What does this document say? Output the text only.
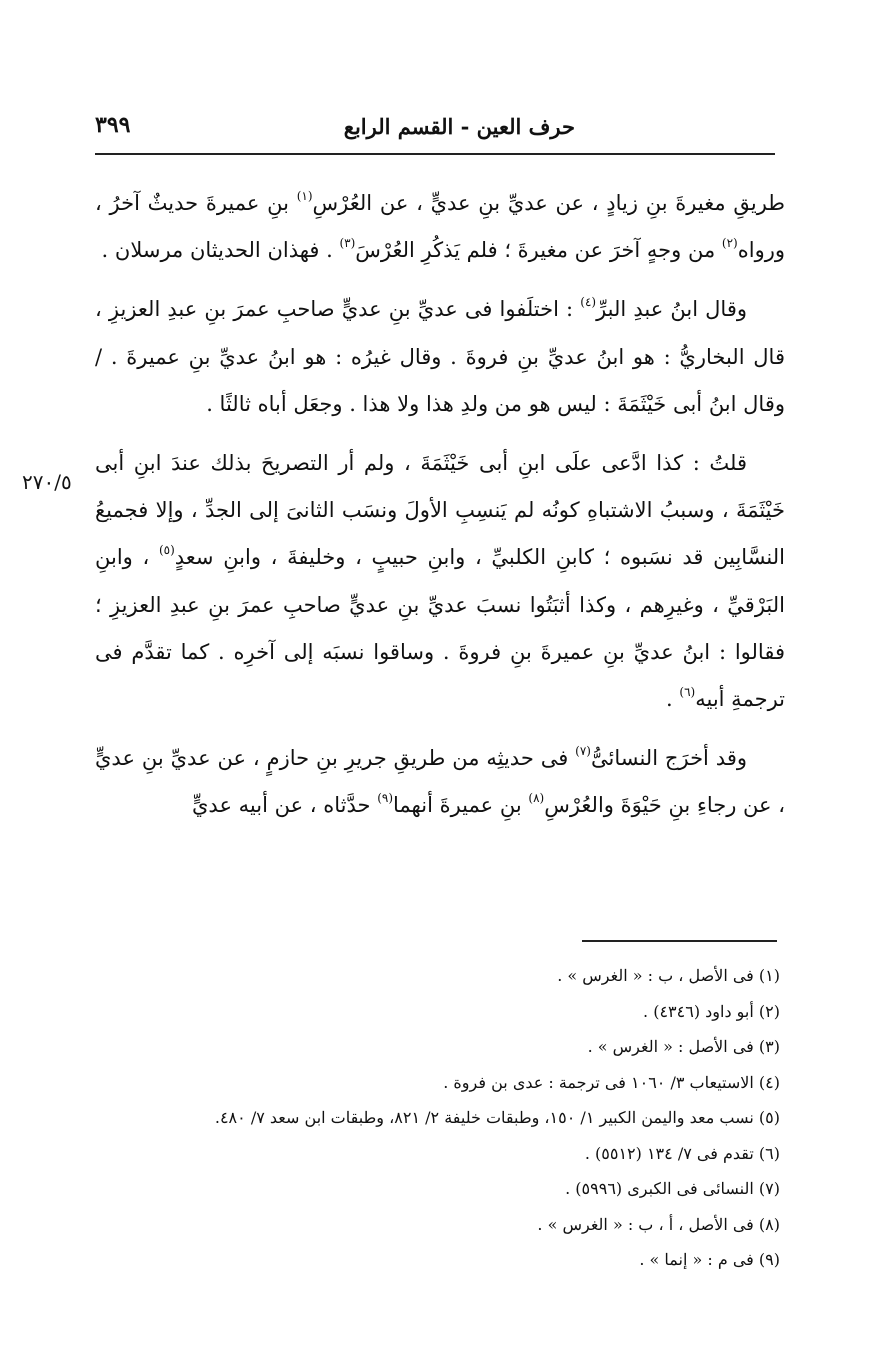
حرف العين - القسم الرابع
٣٩٩

طريقِ مغيرةَ بنِ زيادٍ ، عن عديِّ بنِ عديٍّ ، عن العُرْسِ$^{(١)}$ بنِ عميرةَ حديثٌ آخرُ ، ورواه$^{(٢)}$ من وجهٍ آخرَ عن مغيرةَ ؛ فلم يَذكُرِ العُرْسَ$^{(٣)}$ . فهذان الحديثان مرسلان .

وقال ابنُ عبدِ البرِّ$^{(٤)}$ : اختلَفوا فى عديِّ بنِ عديٍّ صاحبِ عمرَ بنِ عبدِ العزيزِ ، قال البخاريُّ : هو ابنُ عديِّ بنِ فروةَ . وقال غيرُه : هو ابنُ عديِّ بنِ عميرةَ . /وقال ابنُ أبى خَيْثَمَةَ : ليس هو من ولدِ هذا ولا هذا . وجعَل أباه ثالثًا .

قلتُ : كذا ادَّعى علَى ابنِ أبى خَيْثَمَةَ ، ولم أر التصريحَ بذلك عندَ ابنِ أبى خَيْثَمَةَ ، وسببُ الاشتباهِ كونُه لم يَنسِبِ الأولَ ونسَب الثانىَ إلى الجدِّ ، وإلا فجميعُ النسَّابِين قد نسَبوه ؛ كابنِ الكلبيِّ ، وابنِ حبيبٍ ، وخليفةَ ، وابنِ سعدٍ$^{(٥)}$ ، وابنِ البَرْقيِّ ، وغيرِهم ، وكذا أثبَتُوا نسبَ عديِّ بنِ عديٍّ صاحبِ عمرَ بنِ عبدِ العزيزِ ؛ فقالوا : ابنُ عديِّ بنِ عميرةَ بنِ فروةَ . وساقوا نسبَه إلى آخرِه . كما تقدَّم فى ترجمةِ أبيه$^{(٦)}$ .

وقد أخرَج النسائىُّ$^{(٧)}$ فى حديثِه من طريقِ جريرِ بنِ حازمٍ ، عن عديِّ بنِ عديٍّ ، عن رجاءِ بنِ حَيْوَةَ والعُرْسِ$^{(٨)}$ بنِ عميرةَ أنهما$^{(٩)}$ حدَّثاه ، عن أبيه عديٍّ

٢٧٠/٥
(١) فى الأصل ، ب : « الغرس » .
(٢) أبو داود (٤٣٤٦) .
(٣) فى الأصل : « الغرس » .
(٤) الاستيعاب ٣/ ١٠٦٠ فى ترجمة : عدى بن فروة .
(٥) نسب معد واليمن الكبير ١/ ١٥٠، وطبقات خليفة ٢/ ٨٢١، وطبقات ابن سعد ٧/ ٤٨٠.
(٦) تقدم فى ٧/ ١٣٤ (٥٥١٢) .
(٧) النسائى فى الكبرى (٥٩٩٦) .
(٨) فى الأصل ، أ ، ب : « الغرس » .
(٩) فى م : « إنما » .
